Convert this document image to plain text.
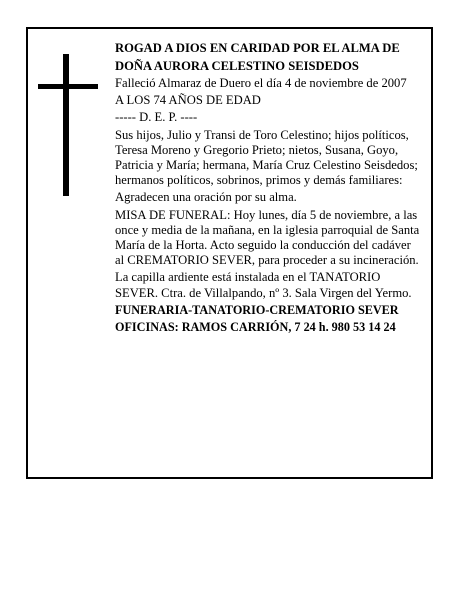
ROGAD A DIOS EN CARIDAD POR EL ALMA DE

DOÑA AURORA CELESTINO SEISDEDOS

Falleció Almaraz de Duero el día 4 de noviembre de 2007

A LOS 74 AÑOS DE EDAD

----- D. E. P. ----

Sus hijos, Julio y Transi de Toro Celestino; hijos políticos, Teresa Moreno y Gregorio Prieto; nietos, Susana, Goyo, Patricia y María; hermana, María Cruz Celestino Seisdedos; hermanos políticos, sobrinos, primos y demás familiares:

Agradecen una oración por su alma.

MISA DE FUNERAL: Hoy lunes, día 5 de noviembre, a las once y media de la mañana, en la iglesia parroquial de Santa María de la Horta. Acto seguido la conducción del cadáver al CREMATORIO SEVER, para proceder a su incineración.

La capilla ardiente está instalada en el TANATORIO SEVER. Ctra. de Villalpando, nº 3. Sala Virgen del Yermo.

FUNERARIA-TANATORIO-CREMATORIO SEVER

OFICINAS: RAMOS CARRIÓN, 7 24 h. 980 53 14 24
